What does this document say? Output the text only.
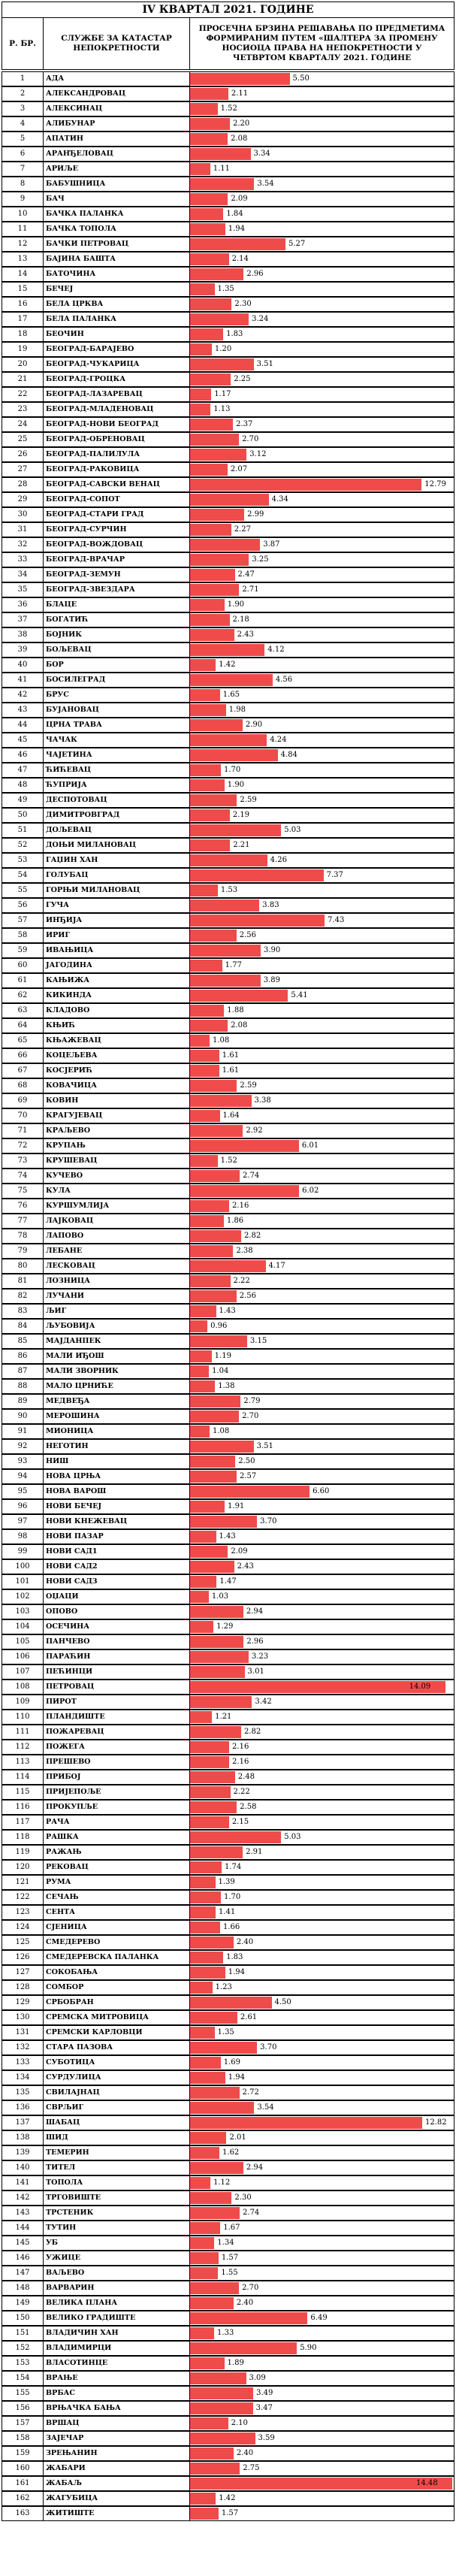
IV КВАРТАЛ 2021. ГОДИНЕ
Р. БР.
СЛУЖБЕ ЗА КАТАСТАР НЕПОКРЕТНОСТИ
ПРОСЕЧНА БРЗИНА РЕШАВАЊА ПО ПРЕДМЕТИМА ФОРМИРАНИМ ПУТЕМ «ШАЛТЕРА ЗА ПРОМЕНУ НОСИОЦА ПРАВА НА НЕПОКРЕТНОСТИ У ЧЕТВРТОМ КВАРТАЛУ 2021. ГОДИНЕ
1	АДА	5.50
2	АЛЕКСАНДРОВАЦ	2.11
3	АЛЕКСИНАЦ	1.52
4	АЛИБУНАР	2.20
5	АПАТИН	2.08
6	АРАНЂЕЛОВАЦ	3.34
7	АРИЉЕ	1.11
8	БАБУШНИЦА	3.54
9	БАЧ	2.09
10	БАЧКА ПАЛАНКА	1.84
11	БАЧКА ТОПОЛА	1.94
12	БАЧКИ ПЕТРОВАЦ	5.27
13	БАЈИНА БАШТА	2.14
14	БАТОЧИНА	2.96
15	БЕЧЕЈ	1.35
16	БЕЛА ЦРКВА	2.30
17	БЕЛА ПАЛАНКА	3.24
18	БЕОЧИН	1.83
19	БЕОГРАД-БАРАЈЕВО	1.20
20	БЕОГРАД-ЧУКАРИЦА	3.51
21	БЕОГРАД-ГРОЦКА	2.25
22	БЕОГРАД-ЛАЗАРЕВАЦ	1.17
23	БЕОГРАД-МЛАДЕНОВАЦ	1.13
24	БЕОГРАД-НОВИ БЕОГРАД	2.37
25	БЕОГРАД-ОБРЕНОВАЦ	2.70
26	БЕОГРАД-ПАЛИЛУЛА	3.12
27	БЕОГРАД-РАКОВИЦА	2.07
28	БЕОГРАД-САВСКИ ВЕНАЦ	12.79
29	БЕОГРАД-СОПОТ	4.34
30	БЕОГРАД-СТАРИ ГРАД	2.99
31	БЕОГРАД-СУРЧИН	2.27
32	БЕОГРАД-ВОЖДОВАЦ	3.87
33	БЕОГРАД-ВРАЧАР	3.25
34	БЕОГРАД-ЗЕМУН	2.47
35	БЕОГРАД-ЗВЕЗДАРА	2.71
36	БЛАЦЕ	1.90
37	БОГАТИЋ	2.18
38	БОЈНИК	2.43
39	БОЉЕВАЦ	4.12
40	БОР	1.42
41	БОСИЛЕГРАД	4.56
42	БРУС	1.65
43	БУЈАНОВАЦ	1.98
44	ЦРНА ТРАВА	2.90
45	ЧАЧАК	4.24
46	ЧАЈЕТИНА	4.84
47	ЋИЋЕВАЦ	1.70
48	ЋУПРИЈА	1.90
49	ДЕСПОТОВАЦ	2.59
50	ДИМИТРОВГРАД	2.19
51	ДОЉЕВАЦ	5.03
52	ДОЊИ МИЛАНОВАЦ	2.21
53	ГАЏИН ХАН	4.26
54	ГОЛУБАЦ	7.37
55	ГОРЊИ МИЛАНОВАЦ	1.53
56	ГУЧА	3.83
57	ИНЂИЈА	7.43
58	ИРИГ	2.56
59	ИВАЊИЦА	3.90
60	ЈАГОДИНА	1.77
61	КАЊИЖА	3.89
62	КИКИНДА	5.41
63	КЛАДОВО	1.88
64	КЊИЋ	2.08
65	КЊАЖЕВАЦ	1.08
66	КОЦЕЉЕВА	1.61
67	КОСЈЕРИЋ	1.61
68	КОВАЧИЦА	2.59
69	КОВИН	3.38
70	КРАГУЈЕВАЦ	1.64
71	КРАЉЕВО	2.92
72	КРУПАЊ	6.01
73	КРУШЕВАЦ	1.52
74	КУЧЕВО	2.74
75	КУЛА	6.02
76	КУРШУМЛИЈА	2.16
77	ЛАЈКОВАЦ	1.86
78	ЛАПОВО	2.82
79	ЛЕБАНЕ	2.38
80	ЛЕСКОВАЦ	4.17
81	ЛОЗНИЦА	2.22
82	ЛУЧАНИ	2.56
83	ЉИГ	1.43
84	ЉУБОВИЈА	0.96
85	МАЈДАНПЕК	3.15
86	МАЛИ ИЂОШ	1.19
87	МАЛИ ЗВОРНИК	1.04
88	МАЛО ЦРНИЋЕ	1.38
89	МЕДВЕЂА	2.79
90	МЕРОШИНА	2.70
91	МИОНИЦА	1.08
92	НЕГОТИН	3.51
93	НИШ	2.50
94	НОВА ЦРЊА	2.57
95	НОВА ВАРОШ	6.60
96	НОВИ БЕЧЕЈ	1.91
97	НОВИ КНЕЖЕВАЦ	3.70
98	НОВИ ПАЗАР	1.43
99	НОВИ САД1	2.09
100	НОВИ САД2	2.43
101	НОВИ САД3	1.47
102	ОЏАЦИ	1.03
103	ОПОВО	2.94
104	ОСЕЧИНА	1.29
105	ПАНЧЕВО	2.96
106	ПАРАЋИН	3.23
107	ПЕЋИНЦИ	3.01
108	ПЕТРОВАЦ	14.09
109	ПИРОТ	3.42
110	ПЛАНДИШТЕ	1.21
111	ПОЖАРЕВАЦ	2.82
112	ПОЖЕГА	2.16
113	ПРЕШЕВО	2.16
114	ПРИБОЈ	2.48
115	ПРИЈЕПОЉЕ	2.22
116	ПРОКУПЉЕ	2.58
117	РАЧА	2.15
118	РАШКА	5.03
119	РАЖАЊ	2.91
120	РЕКОВАЦ	1.74
121	РУМА	1.39
122	СЕЧАЊ	1.70
123	СЕНТА	1.41
124	СЈЕНИЦА	1.66
125	СМЕДЕРЕВО	2.40
126	СМЕДЕРЕВСКА ПАЛАНКА	1.83
127	СОКОБАЊА	1.94
128	СОМБОР	1.23
129	СРБОБРАН	4.50
130	СРЕМСКА МИТРОВИЦА	2.61
131	СРЕМСКИ КАРЛОВЦИ	1.35
132	СТАРА ПАЗОВА	3.70
133	СУБОТИЦА	1.69
134	СУРДУЛИЦА	1.94
135	СВИЛАЈНАЦ	2.72
136	СВРЉИГ	3.54
137	ШАБАЦ	12.82
138	ШИД	2.01
139	ТЕМЕРИН	1.62
140	ТИТЕЛ	2.94
141	ТОПОЛА	1.12
142	ТРГОВИШТЕ	2.30
143	ТРСТЕНИК	2.74
144	ТУТИН	1.67
145	УБ	1.34
146	УЖИЦЕ	1.57
147	ВАЉЕВО	1.55
148	ВАРВАРИН	2.70
149	ВЕЛИКА ПЛАНА	2.40
150	ВЕЛИКО ГРАДИШТЕ	6.49
151	ВЛАДИЧИН ХАН	1.33
152	ВЛАДИМИРЦИ	5.90
153	ВЛАСОТИНЦЕ	1.89
154	ВРАЊЕ	3.09
155	ВРБАС	3.49
156	ВРЊАЧКА БАЊА	3.47
157	ВРШАЦ	2.10
158	ЗАЈЕЧАР	3.59
159	ЗРЕЊАНИН	2.40
160	ЖАБАРИ	2.75
161	ЖАБАЉ	14.48
162	ЖАГУБИЦА	1.42
163	ЖИТИШТЕ	1.57
